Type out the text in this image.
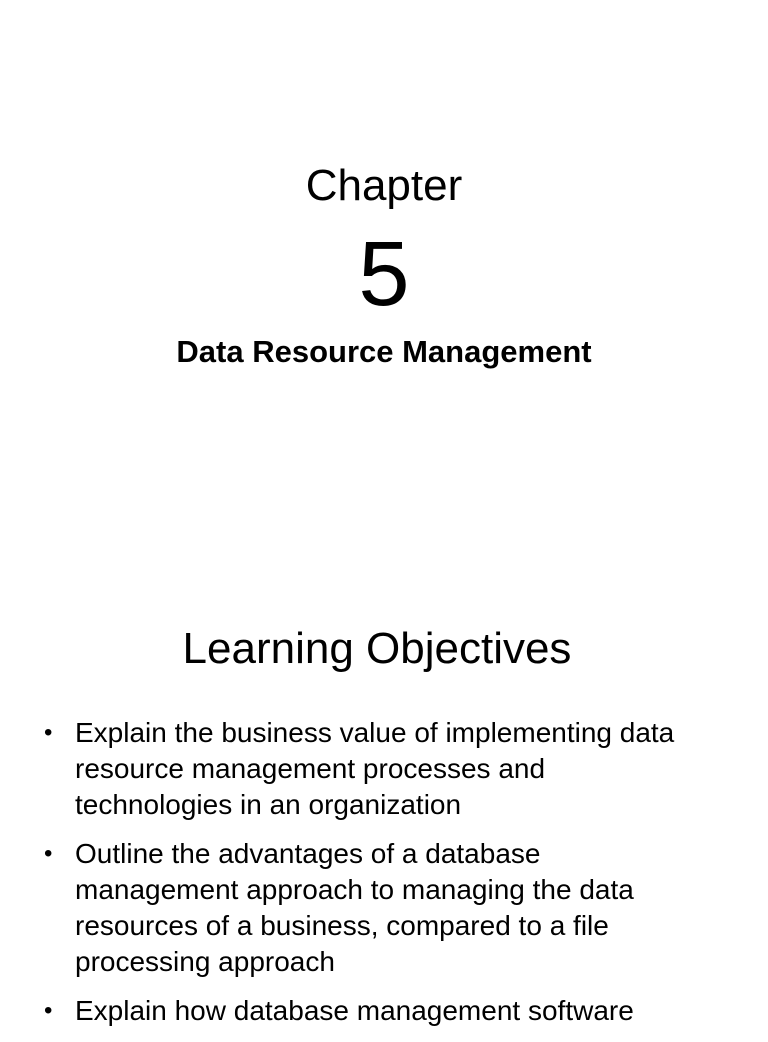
Chapter
5
Data Resource Management
Learning Objectives
• Explain the business value of implementing data resource management processes and technologies in an organization
• Outline the advantages of a database management approach to managing the data resources of a business, compared to a file processing approach
• Explain how database management software
